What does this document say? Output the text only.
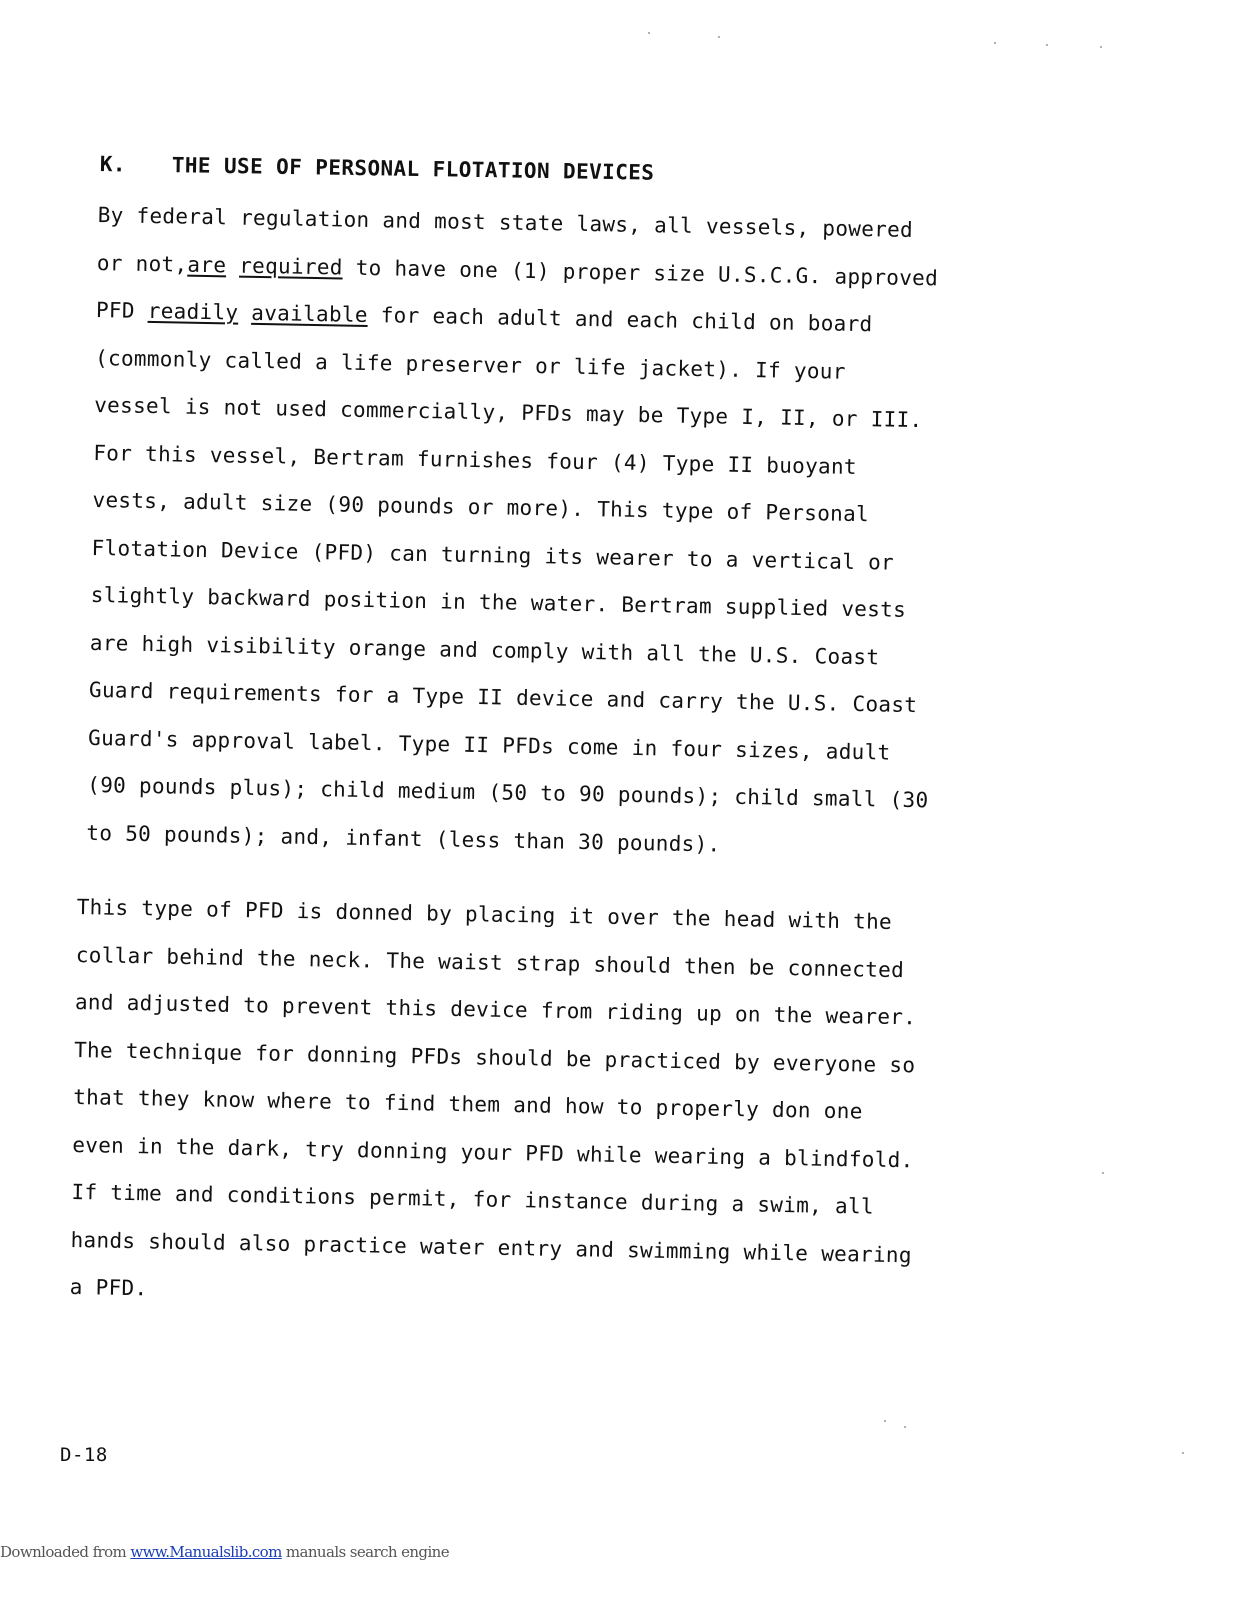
K. THE USE OF PERSONAL FLOTATION DEVICES
By federal regulation and most state laws, all vessels, powered
or not,are required to have one (1) proper size U.S.C.G. approved
PFD readily available for each adult and each child on board
(commonly called a life preserver or life jacket). If your
vessel is not used commercially, PFDs may be Type I, II, or III.
For this vessel, Bertram furnishes four (4) Type II buoyant
vests, adult size (90 pounds or more). This type of Personal
Flotation Device (PFD) can turning its wearer to a vertical or
slightly backward position in the water. Bertram supplied vests
are high visibility orange and comply with all the U.S. Coast
Guard requirements for a Type II device and carry the U.S. Coast
Guard's approval label. Type II PFDs come in four sizes, adult
(90 pounds plus); child medium (50 to 90 pounds); child small (30
to 50 pounds); and, infant (less than 30 pounds).
This type of PFD is donned by placing it over the head with the
collar behind the neck. The waist strap should then be connected
and adjusted to prevent this device from riding up on the wearer.
The technique for donning PFDs should be practiced by everyone so
that they know where to find them and how to properly don one
even in the dark, try donning your PFD while wearing a blindfold.
If time and conditions permit, for instance during a swim, all
hands should also practice water entry and swimming while wearing
a PFD.
D-18
Downloaded from www.Manualslib.com manuals search engine
